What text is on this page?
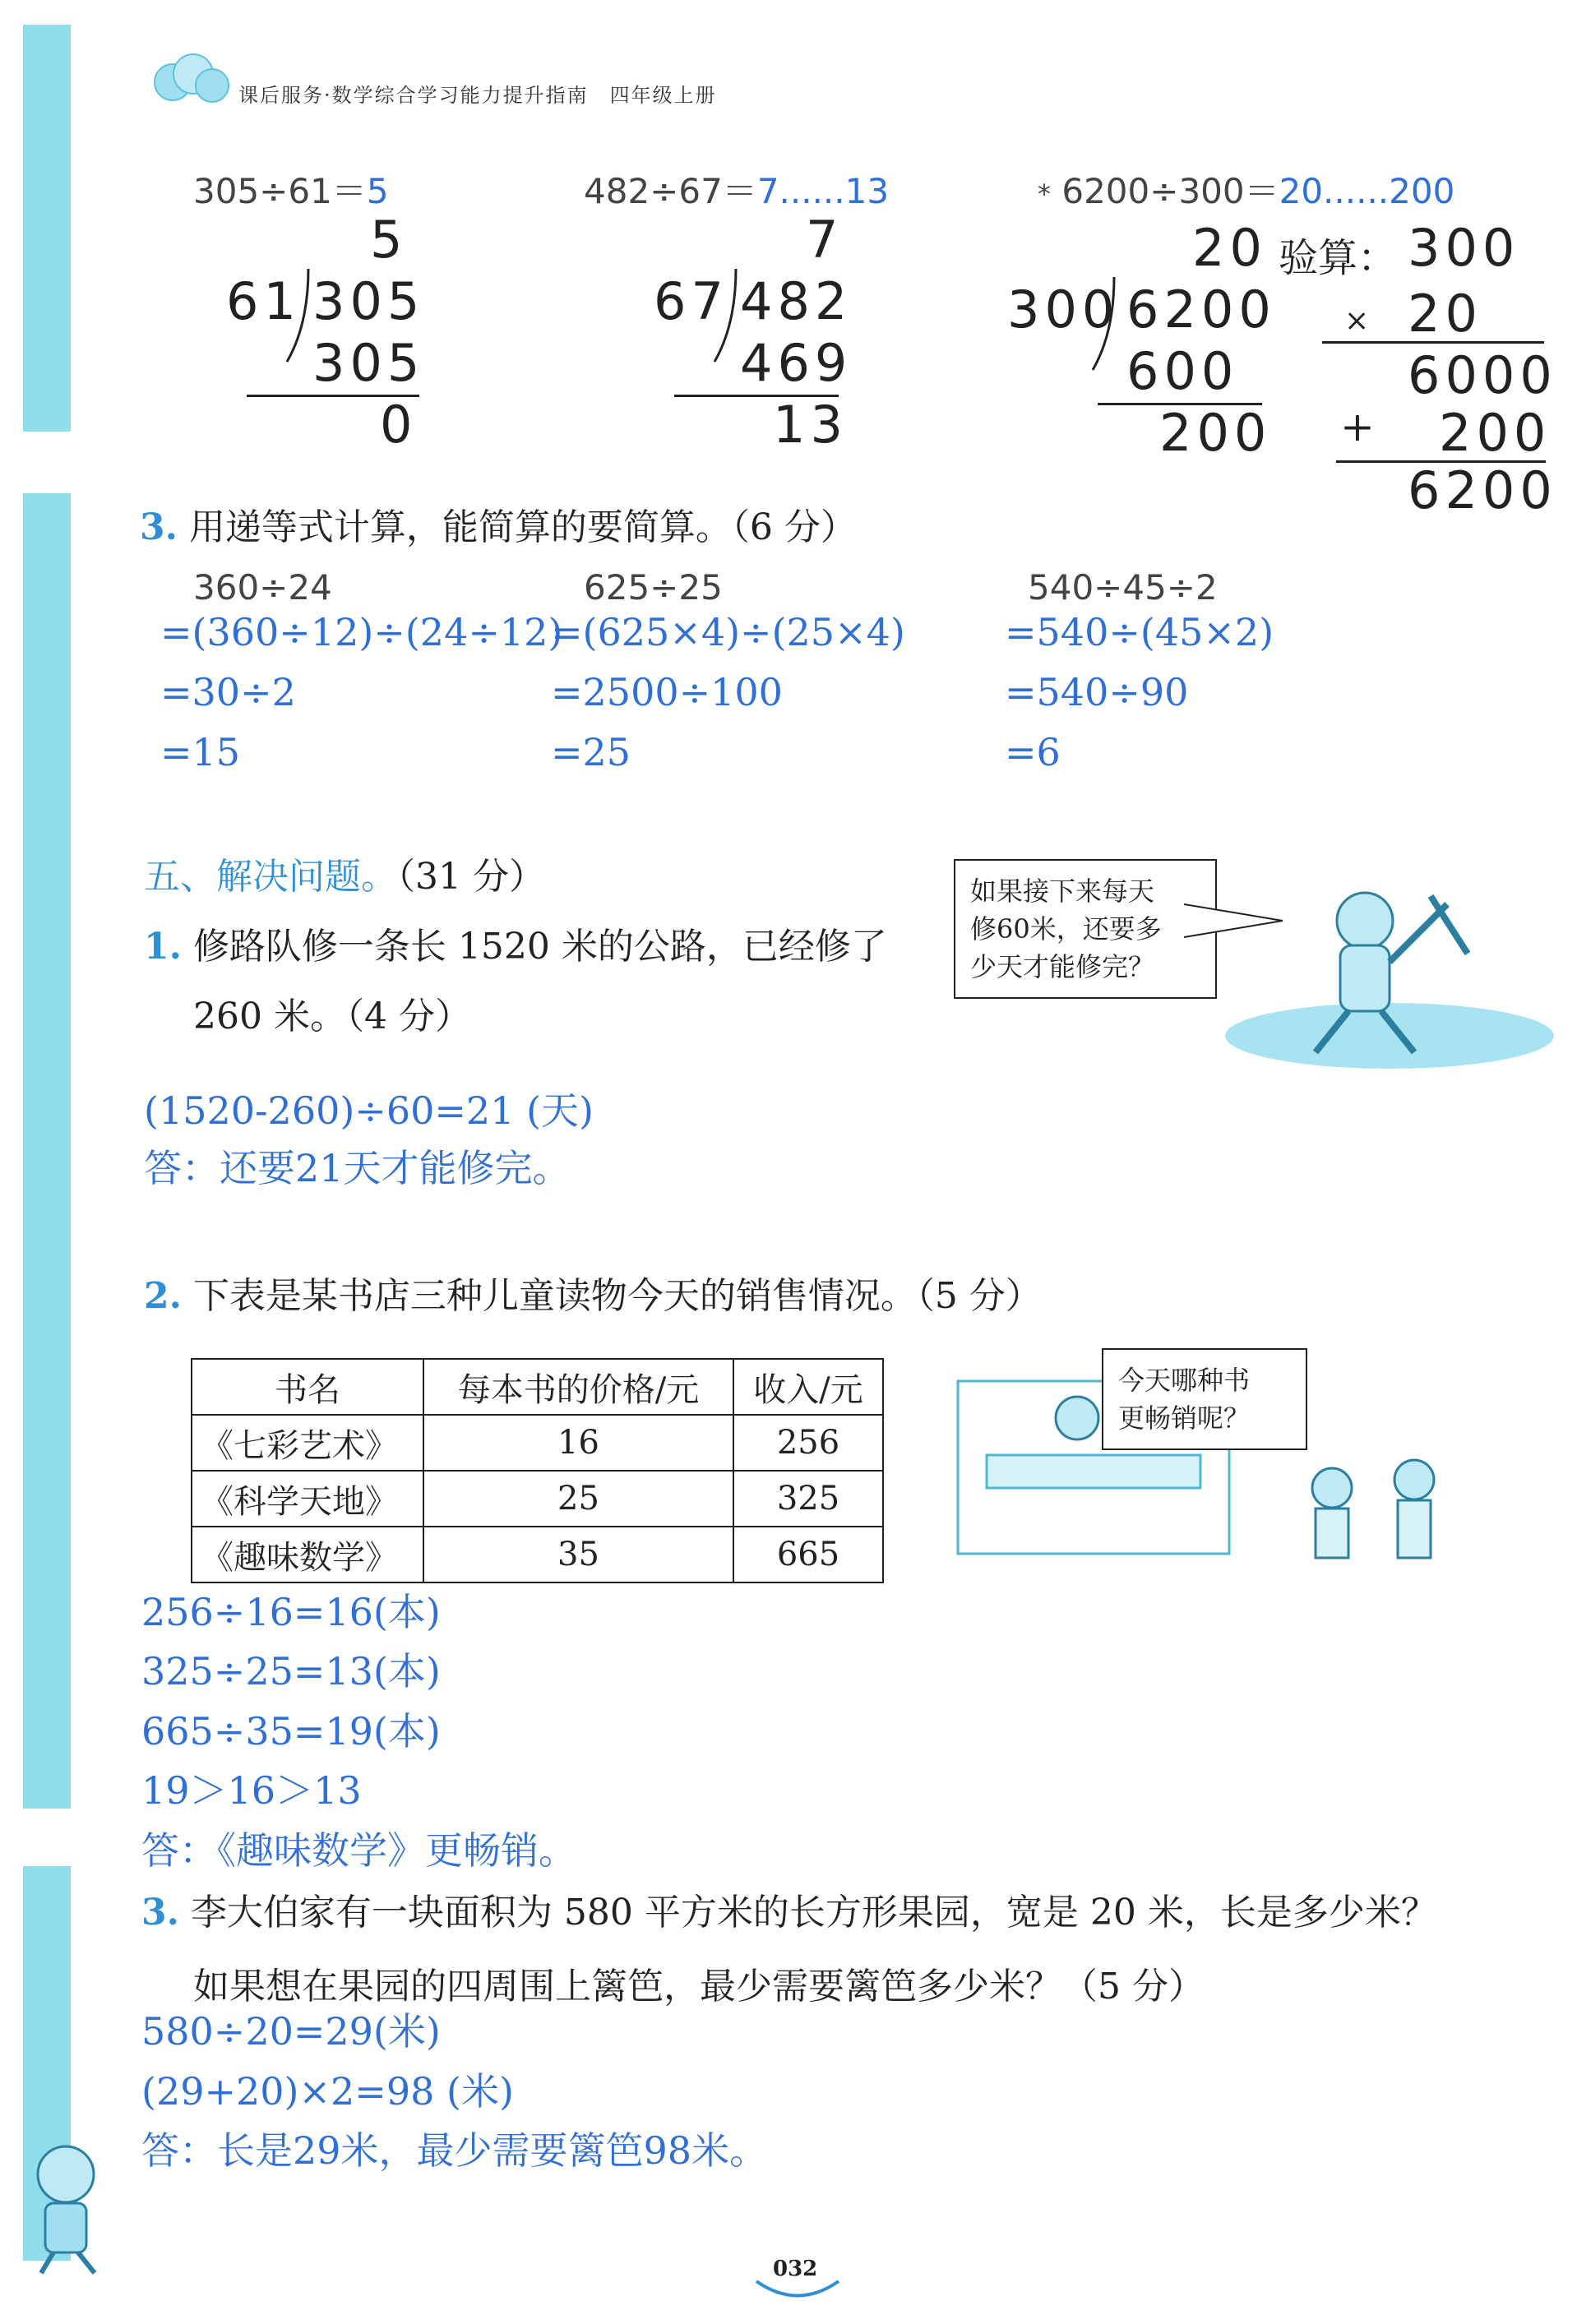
课后服务·数学综合学习能力提升指南　四年级上册
305÷61＝5
5
61 305
305
0
482÷67＝7......13
7
67 482
469
13
* 6200÷300＝20......200
20 验算： 300
300 6200
600
200
× 20
6000
+ 200
6200
3. 用递等式计算，能简算的要简算。（6 分）
360÷24
=(360÷12)÷(24÷12)
=30÷2
=15
625÷25
=(625×4)÷(25×4)
=2500÷100
=25
540÷45÷2
=540÷(45×2)
=540÷90
=6
五、解决问题。（31 分）
1. 修路队修一条长 1520 米的公路，已经修了
260 米。（4 分）
如果接下来每天
修60米，还要多
少天才能修完？
(1520-260)÷60=21 (天)
答：还要21天才能修完。
2. 下表是某书店三种儿童读物今天的销售情况。（5 分）
书名	每本书的价格/元	收入/元
《七彩艺术》	16	256
《科学天地》	25	325
《趣味数学》	35	665
今天哪种书
更畅销呢？
256÷16=16(本)
325÷25=13(本)
665÷35=19(本)
19＞16＞13
答：《趣味数学》更畅销。
3. 李大伯家有一块面积为 580 平方米的长方形果园，宽是 20 米，长是多少米？
如果想在果园的四周围上篱笆，最少需要篱笆多少米？（5 分）
580÷20=29(米)
(29+20)×2=98 (米)
答：长是29米，最少需要篱笆98米。
032
